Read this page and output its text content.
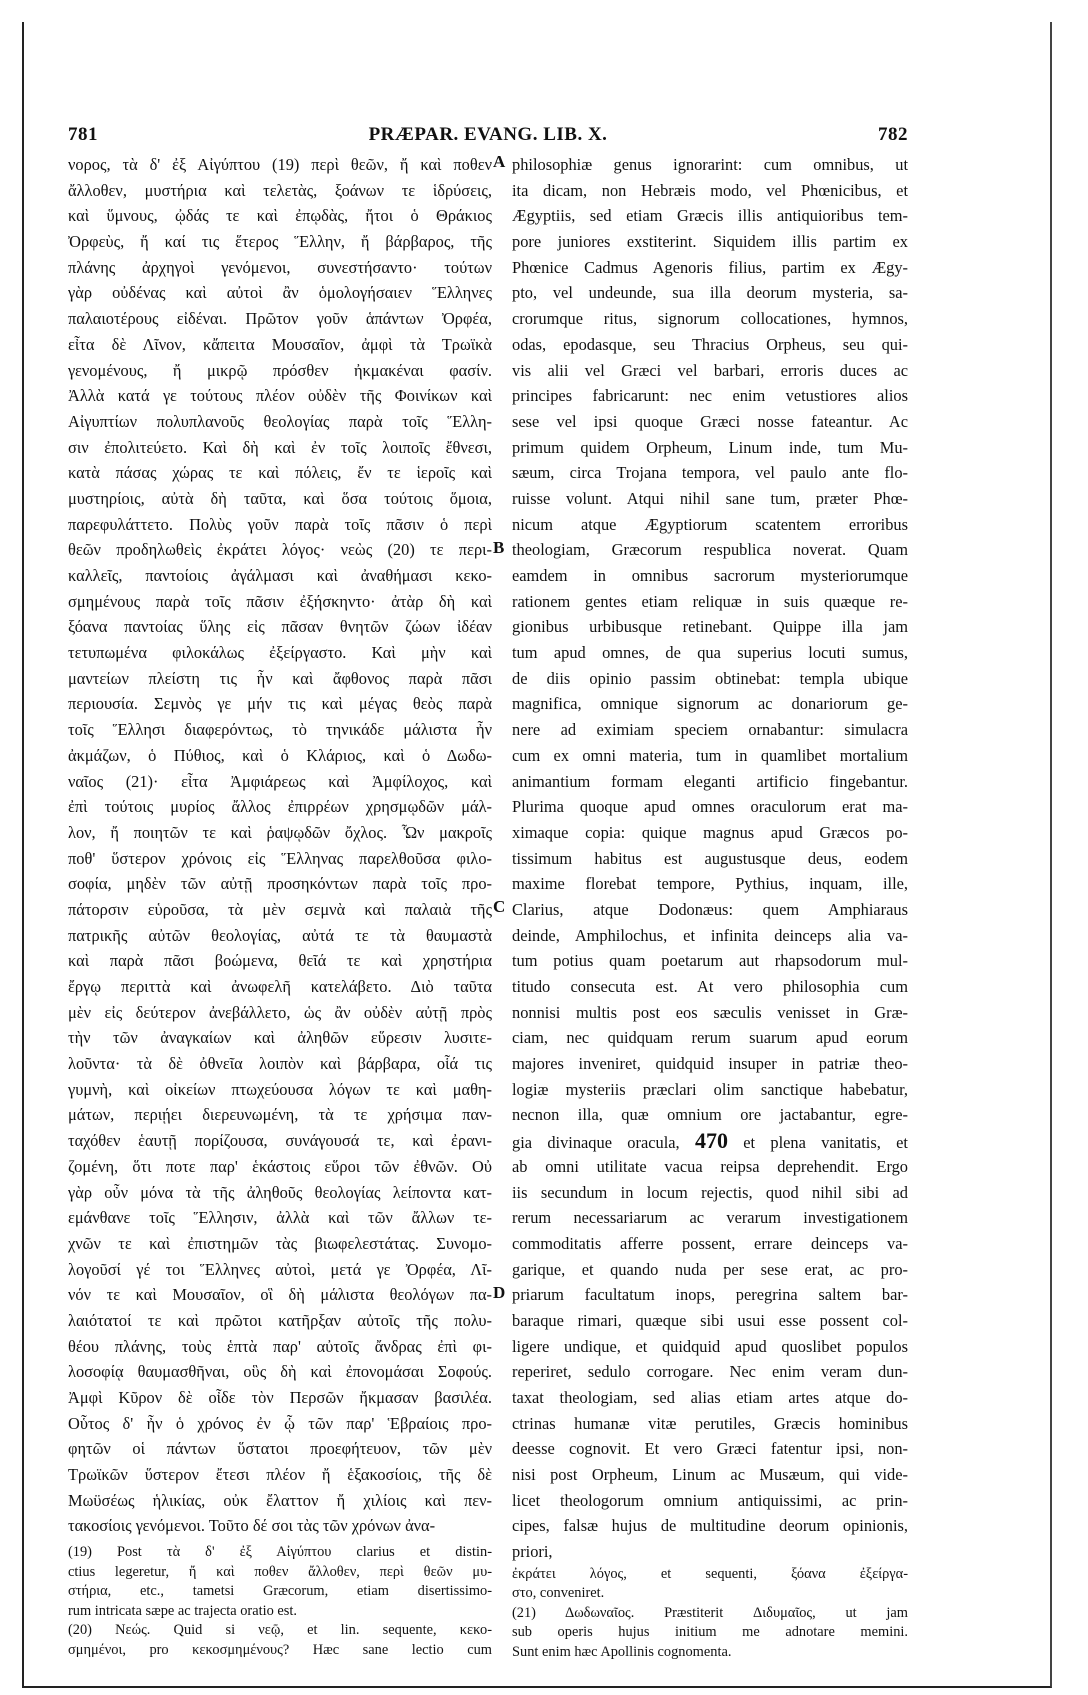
781	PRÆPAR. EVANG. LIB. X.	782
νορος, τὰ δ' ἐξ Αἰγύπτου (19) περὶ θεῶν, ἤ καὶ ποθεν
ἄλλοθεν, μυστήρια καὶ τελετὰς, ξοάνων τε ἱδρύσεις,
καὶ ὕμνους, ᾠδάς τε καὶ ἐπῳδὰς, ἤτοι ὁ Θράκιος
Ὀρφεὺς, ἤ καί τις ἕτερος Ἕλλην, ἤ βάρβαρος, τῆς
πλάνης ἀρχηγοὶ γενόμενοι, συνεστήσαντο· τούτων
γὰρ οὐδένας καὶ αὐτοὶ ἂν ὁμολογήσαιεν Ἕλληνες
παλαιοτέρους εἰδέναι. Πρῶτον γοῦν ἁπάντων Ὀρφέα,
εἶτα δὲ Λῖνον, κἄπειτα Μουσαῖον, ἀμφὶ τὰ Τρωϊκὰ
γενομένους, ἤ μικρῷ πρόσθεν ἠκμακέναι φασίν.
Ἀλλὰ κατά γε τούτους πλέον οὐδὲν τῆς Φοινίκων καὶ
Αἰγυπτίων πολυπλανοῦς θεολογίας παρὰ τοῖς Ἕλλη-
σιν ἐπολιτεύετο. Καὶ δὴ καὶ ἐν τοῖς λοιποῖς ἔθνεσι,
κατὰ πάσας χώρας τε καὶ πόλεις, ἔν τε ἱεροῖς καὶ
μυστηρίοις, αὐτὰ δὴ ταῦτα, καὶ ὅσα τούτοις ὅμοια,
παρεφυλάττετο. Πολὺς γοῦν παρὰ τοῖς πᾶσιν ὁ περὶ
θεῶν προδηλωθεὶς ἐκράτει λόγος· νεὼς (20) τε περι-
καλλεῖς, παντοίοις ἀγάλμασι καὶ ἀναθήμασι κεκο-
σμημένους παρὰ τοῖς πᾶσιν ἐξήσκηντο· ἀτὰρ δὴ καὶ
ξόανα παντοίας ὕλης εἰς πᾶσαν θνητῶν ζώων ἰδέαν
τετυπωμένα φιλοκάλως ἐξείργαστο. Καὶ μὴν καὶ
μαντείων πλείστη τις ἦν καὶ ἄφθονος παρὰ πᾶσι
περιουσία. Σεμνὸς γε μήν τις καὶ μέγας θεὸς παρὰ
τοῖς Ἕλλησι διαφερόντως, τὸ τηνικάδε μάλιστα ἦν
ἀκμάζων, ὁ Πύθιος, καὶ ὁ Κλάριος, καὶ ὁ Δωδω-
ναῖος (21)· εἶτα Ἀμφιάρεως καὶ Ἀμφίλοχος, καὶ
ἐπὶ τούτοις μυρίος ἄλλος ἐπιρρέων χρησμῳδῶν μάλ-
λον, ἤ ποιητῶν τε καὶ ῥαψῳδῶν ὄχλος. Ὧν μακροῖς
ποθ' ὕστερον χρόνοις εἰς Ἕλληνας παρελθοῦσα φιλο-
σοφία, μηδὲν τῶν αὐτῇ προσηκόντων παρὰ τοῖς προ-
πάτορσιν εὑροῦσα, τὰ μὲν σεμνὰ καὶ παλαιὰ τῆς
πατρικῆς αὐτῶν θεολογίας, αὐτά τε τὰ θαυμαστὰ
καὶ παρὰ πᾶσι βοώμενα, θεῖά τε καὶ χρηστήρια
ἔργῳ περιττὰ καὶ ἀνωφελῆ κατελάβετο. Διὸ ταῦτα
μὲν εἰς δεύτερον ἀνεβάλλετο, ὡς ἂν οὐδὲν αὐτῇ πρὸς
τὴν τῶν ἀναγκαίων καὶ ἀληθῶν εὕρεσιν λυσιτε-
λοῦντα· τὰ δὲ ὀθνεῖα λοιπὸν καὶ βάρβαρα, οἷά τις
γυμνὴ, καὶ οἰκείων πτωχεύουσα λόγων τε καὶ μαθη-
μάτων, περιῄει διερευνωμένη, τὰ τε χρήσιμα παν-
ταχόθεν ἑαυτῇ πορίζουσα, συνάγουσά τε, καὶ ἐρανι-
ζομένη, ὅτι ποτε παρ' ἑκάστοις εὕροι τῶν ἐθνῶν. Οὐ
γὰρ οὖν μόνα τὰ τῆς ἀληθοῦς θεολογίας λείποντα κατ-
εμάνθανε τοῖς Ἕλλησιν, ἀλλὰ καὶ τῶν ἄλλων τε-
χνῶν τε καὶ ἐπιστημῶν τὰς βιωφελεστάτας. Συνομο-
λογοῦσί γέ τοι Ἕλληνες αὐτοὶ, μετά γε Ὀρφέα, Λῖ-
νόν τε καὶ Μουσαῖον, οἳ δὴ μάλιστα θεολόγων πα-
λαιότατοί τε καὶ πρῶτοι κατῆρξαν αὐτοῖς τῆς πολυ-
θέου πλάνης, τοὺς ἑπτὰ παρ' αὐτοῖς ἄνδρας ἐπὶ φι-
λοσοφίᾳ θαυμασθῆναι, οὓς δὴ καὶ ἐπονομάσαι Σοφούς.
Ἀμφὶ Κῦρον δὲ οἶδε τὸν Περσῶν ἤκμασαν βασιλέα.
Οὗτος δ' ἦν ὁ χρόνος ἐν ᾧ τῶν παρ' Ἑβραίοις προ-
φητῶν οἱ πάντων ὕστατοι προεφήτευον, τῶν μὲν
Τρωϊκῶν ὕστερον ἔτεσι πλέον ἤ ἑξακοσίοις, τῆς δὲ
Μωϋσέως ἡλικίας, οὐκ ἔλαττον ἤ χιλίοις καὶ πεν-
τακοσίοις γενόμενοι. Τοῦτο δέ σοι τὰς τῶν χρόνων ἀνα-
(19) Post τὰ δ' ἐξ Αἰγύπτου clarius et distin-
ctius legeretur, ἤ καὶ ποθεν ἄλλοθεν, περὶ θεῶν μυ-
στήρια, etc., tametsi Græcorum, etiam disertissimo-
rum intricata sæpe ac trajecta oratio est.
(20) Νεώς. Quid si νεῷ, et lin. sequente, κεκο-
σμημένοι, pro κεκοσμημένους? Hæc sane lectio cum
A
B
C
D
philosophiæ genus ignorarint: cum omnibus, ut
ita dicam, non Hebræis modo, vel Phœnicibus, et
Ægyptiis, sed etiam Græcis illis antiquioribus tem-
pore juniores exstiterint. Siquidem illis partim ex
Phœnice Cadmus Agenoris filius, partim ex Ægy-
pto, vel undeunde, sua illa deorum mysteria, sa-
crorumque ritus, signorum collocationes, hymnos,
odas, epodasque, seu Thracius Orpheus, seu qui-
vis alii vel Græci vel barbari, erroris duces ac
principes fabricarunt: nec enim vetustiores alios
sese vel ipsi quoque Græci nosse fateantur. Ac
primum quidem Orpheum, Linum inde, tum Mu-
sæum, circa Trojana tempora, vel paulo ante flo-
ruisse volunt. Atqui nihil sane tum, præter Phœ-
nicum atque Ægyptiorum scatentem erroribus
theologiam, Græcorum respublica noverat. Quam
eamdem in omnibus sacrorum mysteriorumque
rationem gentes etiam reliquæ in suis quæque re-
gionibus urbibusque retinebant. Quippe illa jam
tum apud omnes, de qua superius locuti sumus,
de diis opinio passim obtinebat: templa ubique
magnifica, omnique signorum ac donariorum ge-
nere ad eximiam speciem ornabantur: simulacra
cum ex omni materia, tum in quamlibet mortalium
animantium formam eleganti artificio fingebantur.
Plurima quoque apud omnes oraculorum erat ma-
ximaque copia: quique magnus apud Græcos po-
tissimum habitus est augustusque deus, eodem
maxime florebat tempore, Pythius, inquam, ille,
Clarius, atque Dodonæus: quem Amphiaraus
deinde, Amphilochus, et infinita deinceps alia va-
tum potius quam poetarum aut rhapsodorum mul-
titudo consecuta est. At vero philosophia cum
nonnisi multis post eos sæculis venisset in Græ-
ciam, nec quidquam rerum suarum apud eorum
majores inveniret, quidquid insuper in patriæ theo-
logiæ mysteriis præclari olim sanctique habebatur,
necnon illa, quæ omnium ore jactabantur, egre-
gia divinaque oracula, 470 et plena vanitatis, et
ab omni utilitate vacua reipsa deprehendit. Ergo
iis secundum in locum rejectis, quod nihil sibi ad
rerum necessariarum ac verarum investigationem
commoditatis afferre possent, errare deinceps va-
garique, et quando nuda per sese erat, ac pro-
priarum facultatum inops, peregrina saltem bar-
baraque rimari, quæque sibi usui esse possent col-
ligere undique, et quidquid apud quoslibet populos
reperiret, sedulo corrogare. Nec enim veram dun-
taxat theologiam, sed alias etiam artes atque do-
ctrinas humanæ vitæ perutiles, Græcis hominibus
deesse cognovit. Et vero Græci fatentur ipsi, non-
nisi post Orpheum, Linum ac Musæum, qui vide-
licet theologorum omnium antiquissimi, ac prin-
cipes, falsæ hujus de multitudine deorum opinionis,
priori,
ἐκράτει λόγος, et sequenti, ξόανα ἐξείργα-
στο, conveniret.
(21) Δωδωναῖος. Præstiterit Διδυμαῖος, ut jam
sub operis hujus initium me adnotare memini.
Sunt enim hæc Apollinis cognomenta.
